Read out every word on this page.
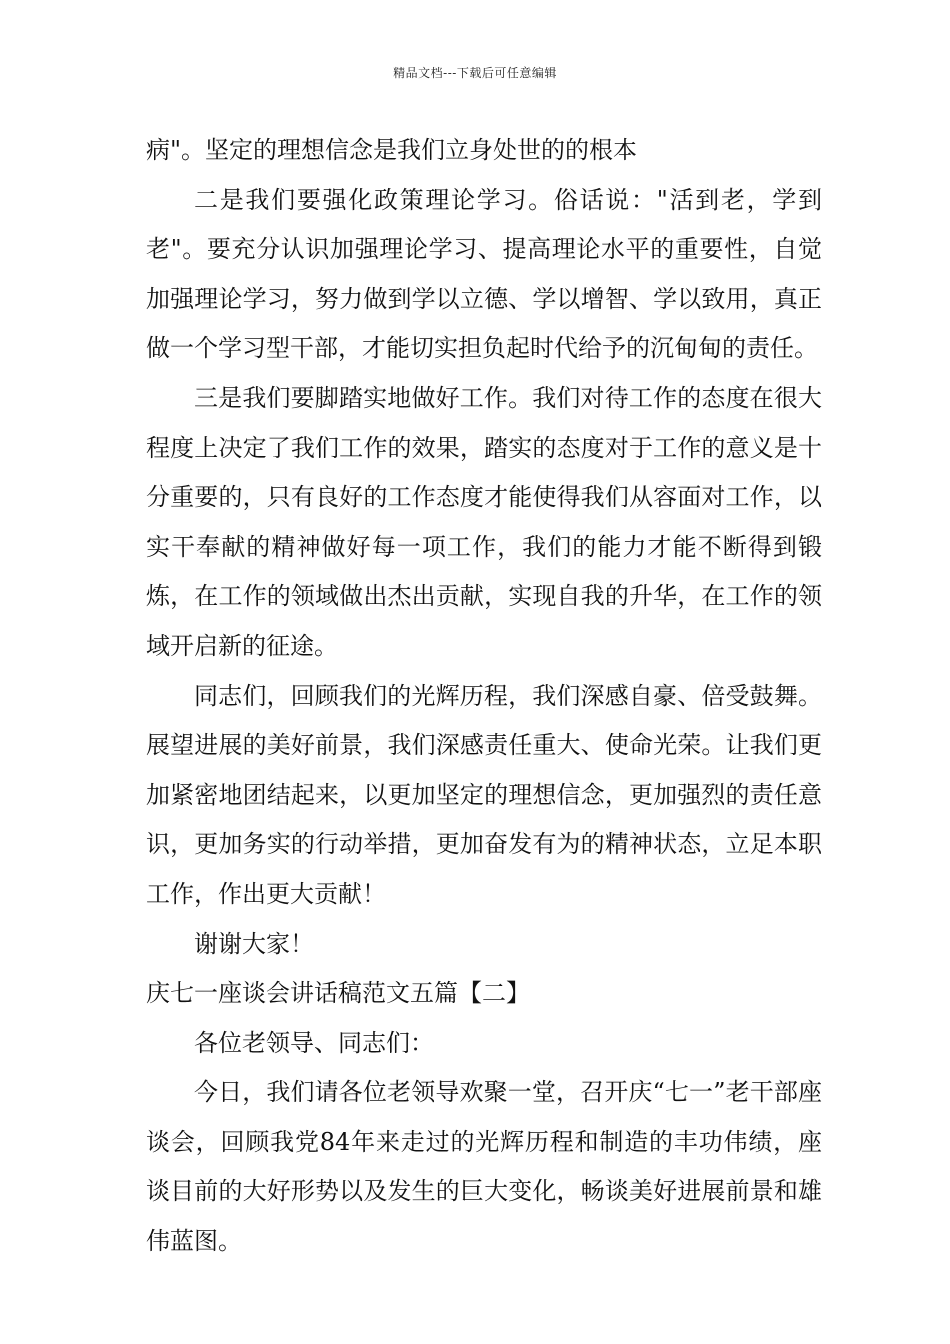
精品文档---下载后可任意编辑

病"。坚定的理想信念是我们立身处世的的根本

二是我们要强化政策理论学习。俗话说："活到老，学到老"。要充分认识加强理论学习、提高理论水平的重要性，自觉加强理论学习，努力做到学以立德、学以增智、学以致用，真正做一个学习型干部，才能切实担负起时代给予的沉甸甸的责任。

三是我们要脚踏实地做好工作。我们对待工作的态度在很大程度上决定了我们工作的效果，踏实的态度对于工作的意义是十分重要的，只有良好的工作态度才能使得我们从容面对工作，以实干奉献的精神做好每一项工作，我们的能力才能不断得到锻炼，在工作的领域做出杰出贡献，实现自我的升华，在工作的领域开启新的征途。

同志们，回顾我们的光辉历程，我们深感自豪、倍受鼓舞。展望进展的美好前景，我们深感责任重大、使命光荣。让我们更加紧密地团结起来，以更加坚定的理想信念，更加强烈的责任意识，更加务实的行动举措，更加奋发有为的精神状态，立足本职工作，作出更大贡献！

谢谢大家！

庆七一座谈会讲话稿范文五篇【二】

各位老领导、同志们：

今日，我们请各位老领导欢聚一堂，召开庆“七一”老干部座谈会，回顾我党84年来走过的光辉历程和制造的丰功伟绩，座谈目前的大好形势以及发生的巨大变化，畅谈美好进展前景和雄伟蓝图。
